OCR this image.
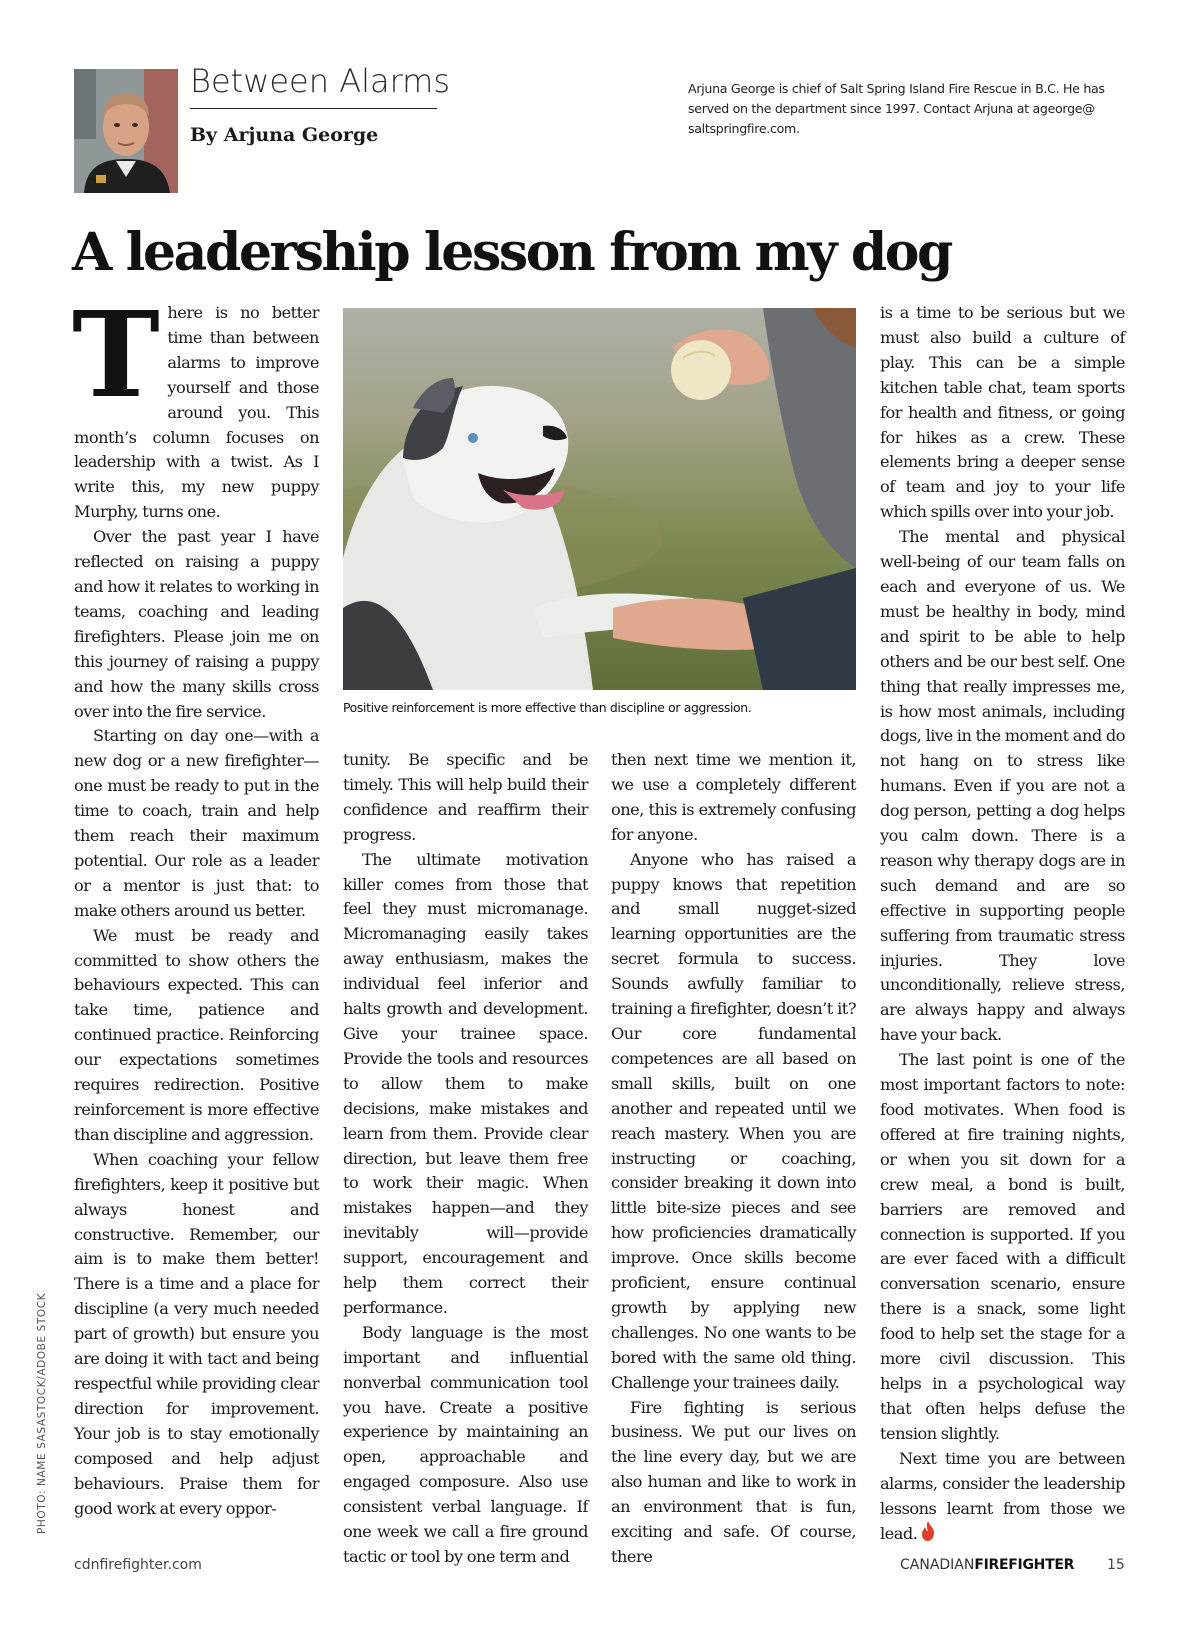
Between Alarms
By Arjuna George
Arjuna George is chief of Salt Spring Island Fire Rescue in B.C. He has served on the department since 1997. Contact Arjuna at ageorge@ saltspringfire.com.
A leadership lesson from my dog
T here is no better time than between alarms to improve yourself and those around you. This month’s column focuses on leadership with a twist. As I write this, my new puppy Murphy, turns one.

Over the past year I have reflected on raising a puppy and how it relates to working in teams, coaching and leading firefighters. Please join me on this journey of raising a puppy and how the many skills cross over into the fire service.

Starting on day one—with a new dog or a new firefighter—one must be ready to put in the time to coach, train and help them reach their maximum potential. Our role as a leader or a mentor is just that: to make others around us better.

We must be ready and committed to show others the behaviours expected. This can take time, patience and continued practice. Reinforcing our expectations sometimes requires redirection. Positive reinforcement is more effective than discipline and aggression.

When coaching your fellow firefighters, keep it positive but always honest and constructive. Remember, our aim is to make them better! There is a time and a place for discipline (a very much needed part of growth) but ensure you are doing it with tact and being respectful while providing clear direction for improvement. Your job is to stay emotionally composed and help adjust behaviours. Praise them for good work at every oppor-

Positive reinforcement is more effective than discipline or aggression.
PHOTO: NAME SASASTOCK/ADOBE STOCK

tunity. Be specific and be timely. This will help build their confidence and reaffirm their progress.

The ultimate motivation killer comes from those that feel they must micromanage. Micromanaging easily takes away enthusiasm, makes the individual feel inferior and halts growth and development. Give your trainee space. Provide the tools and resources to allow them to make decisions, make mistakes and learn from them. Provide clear direction, but leave them free to work their magic. When mistakes happen—and they inevitably will—provide support, encouragement and help them correct their performance.

Body language is the most important and influential nonverbal communication tool you have. Create a positive experience by maintaining an open, approachable and engaged composure. Also use consistent verbal language. If one week we call a fire ground tactic or tool by one term and

then next time we mention it, we use a completely different one, this is extremely confusing for anyone.

Anyone who has raised a puppy knows that repetition and small nugget-sized learning opportunities are the secret formula to success. Sounds awfully familiar to training a firefighter, doesn’t it? Our core fundamental competences are all based on small skills, built on one another and repeated until we reach mastery. When you are instructing or coaching, consider breaking it down into little bite-size pieces and see how proficiencies dramatically improve. Once skills become proficient, ensure continual growth by applying new challenges. No one wants to be bored with the same old thing. Challenge your trainees daily.

Fire fighting is serious business. We put our lives on the line every day, but we are also human and like to work in an environment that is fun, exciting and safe. Of course, there

is a time to be serious but we must also build a culture of play. This can be a simple kitchen table chat, team sports for health and fitness, or going for hikes as a crew. These elements bring a deeper sense of team and joy to your life which spills over into your job.

The mental and physical well-being of our team falls on each and everyone of us. We must be healthy in body, mind and spirit to be able to help others and be our best self. One thing that really impresses me, is how most animals, including dogs, live in the moment and do not hang on to stress like humans. Even if you are not a dog person, petting a dog helps you calm down. There is a reason why therapy dogs are in such demand and are so effective in supporting people suffering from traumatic stress injuries. They love unconditionally, relieve stress, are always happy and always have your back.

The last point is one of the most important factors to note: food motivates. When food is offered at fire training nights, or when you sit down for a crew meal, a bond is built, barriers are removed and connection is supported. If you are ever faced with a difficult conversation scenario, ensure there is a snack, some light food to help set the stage for a more civil discussion. This helps in a psychological way that often helps defuse the tension slightly.

Next time you are between alarms, consider the leadership lessons learnt from those we lead.

cdnfirefighter.com	CANADIANFIREFIGHTER 15
